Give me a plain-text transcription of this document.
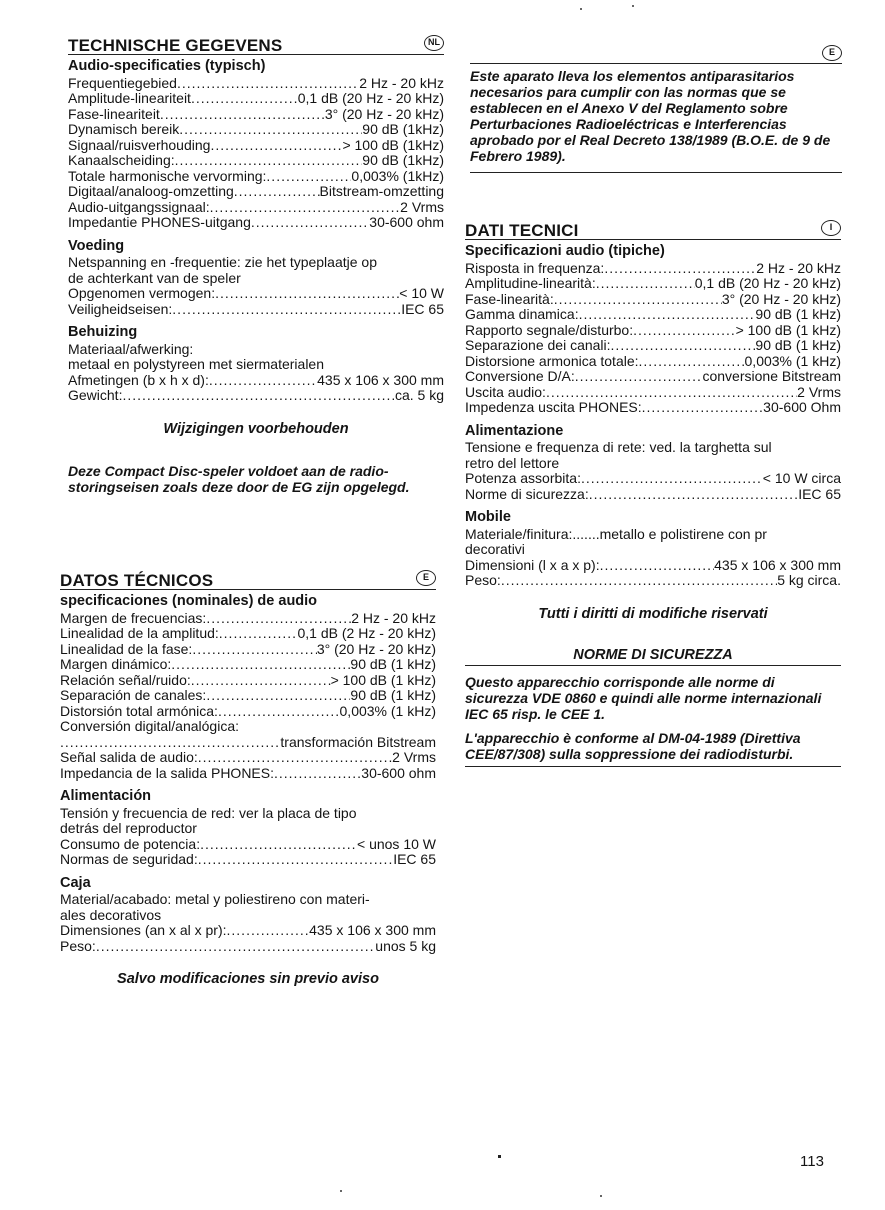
TECHNISCHE GEGEVENS	NL
Audio-specificaties (typisch)
Frequentiegebied .....	2 Hz - 20 kHz
Amplitude-lineariteit .....	0,1 dB (20 Hz - 20 kHz)
Fase-lineariteit .....	3° (20 Hz - 20 kHz)
Dynamisch bereik .....	90 dB (1kHz)
Signaal/ruisverhouding .....	> 100 dB (1kHz)
Kanaalscheiding: .....	90 dB (1kHz)
Totale harmonische vervorming: .....	0,003% (1kHz)
Digitaal/analoog-omzetting .....	Bitstream-omzetting
Audio-uitgangssignaal: .....	2 Vrms
Impedantie PHONES-uitgang .....	30-600 ohm
Voeding
Netspanning en -frequentie: zie het typeplaatje op
de achterkant van de speler
Opgenomen vermogen: .....	< 10 W
Veiligheidseisen: .....	IEC 65
Behuizing
Materiaal/afwerking:
metaal en polystyreen met siermaterialen
Afmetingen (b x h x d): .....	435 x 106 x 300 mm
Gewicht: .....	ca. 5 kg
Wijzigingen voorbehouden
Deze Compact Disc-speler voldoet aan de radio-storingseisen zoals deze door de EG zijn opgelegd.
E
Este aparato lleva los elementos antiparasitarios necesarios para cumplir con las normas que se establecen en el Anexo V del Reglamento sobre Perturbaciones Radioeléctricas e Interferencias aprobado por el Real Decreto 138/1989 (B.O.E. de 9 de Febrero 1989).
DATI TECNICI	I
Specificazioni audio (tipiche)
Risposta in frequenza: .....	2 Hz - 20 kHz
Amplitudine-linearità: .....	0,1 dB (20 Hz - 20 kHz)
Fase-linearità: .....	3° (20 Hz - 20 kHz)
Gamma dinamica: .....	90 dB (1 kHz)
Rapporto segnale/disturbo: .....	> 100 dB (1 kHz)
Separazione dei canali: .....	90 dB (1 kHz)
Distorsione armonica totale: .....	0,003% (1 kHz)
Conversione D/A: .....	conversione Bitstream
Uscita audio: .....	2 Vrms
Impedenza uscita PHONES: .....	30-600 Ohm
Alimentazione
Tensione e frequenza di rete: ved. la targhetta sul
retro del lettore
Potenza assorbita: .....	< 10 W circa
Norme di sicurezza: .....	IEC 65
Mobile
Materiale/finitura:.......metallo e polistirene con pr
decorativi
Dimensioni (l x a x p): .....	435 x 106 x 300 mm
Peso: .....	5 kg circa.
Tutti i diritti di modifiche riservati
NORME DI SICUREZZA

Questo apparecchio corrisponde alle norme di sicurezza VDE 0860 e quindi alle norme internazionali IEC 65 risp. le CEE 1.

L'apparecchio è conforme al DM-04-1989 (Direttiva CEE/87/308) sulla soppressione dei radiodisturbi.

DATOS TÉCNICOS	E
specificaciones (nominales) de audio
Margen de frecuencias: .....	2 Hz - 20 kHz
Linealidad de la amplitud: .....	0,1 dB (2 Hz - 20 kHz)
Linealidad de la fase: .....	3° (20 Hz - 20 kHz)
Margen dinámico: .....	90 dB (1 kHz)
Relación señal/ruido: .....	> 100 dB (1 kHz)
Separación de canales: .....	90 dB (1 kHz)
Distorsión total armónica: .....	0,003% (1 kHz)
Conversión digital/analógica:
.....
transformación Bitstream
Señal salida de audio: .....	2 Vrms
Impedancia de la salida PHONES: .....	30-600 ohm
Alimentación
Tensión y frecuencia de red: ver la placa de tipo
detrás del reproductor
Consumo de potencia: .....	< unos 10 W
Normas de seguridad: .....	IEC 65
Caja
Material/acabado: metal y poliestireno con materi-
ales decorativos
Dimensiones (an x al x pr): .....	435 x 106 x 300 mm
Peso: .....	unos 5 kg
Salvo modificaciones sin previo aviso
113
